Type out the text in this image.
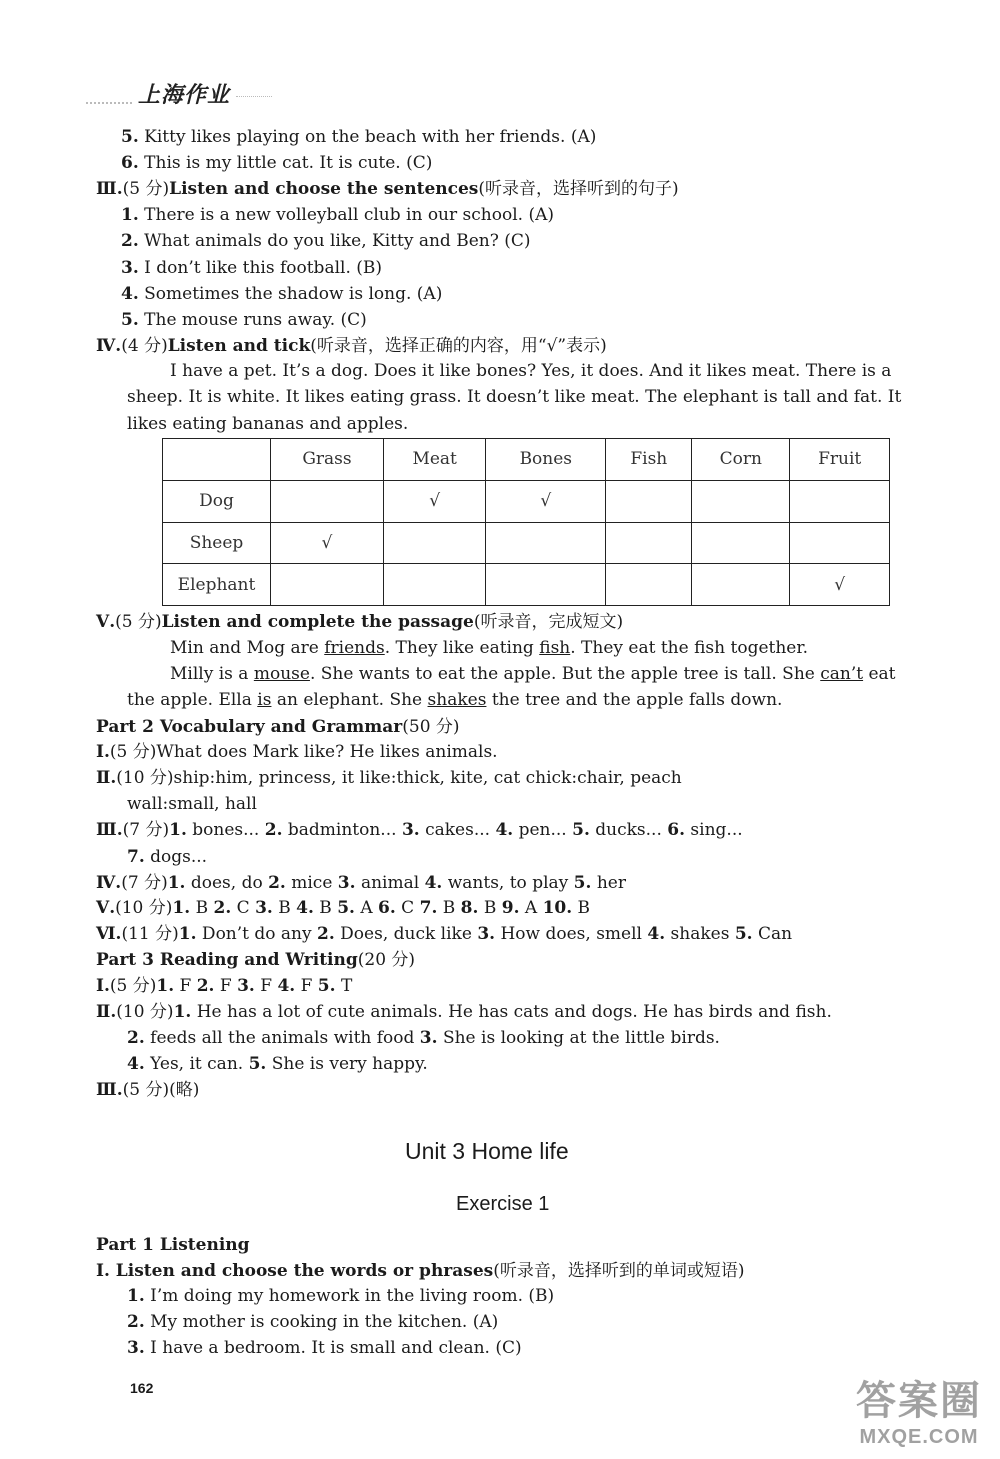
上海作业
5. Kitty likes playing on the beach with her friends. (A)
6. This is my little cat. It is cute. (C)
Ⅲ.(5 分)Listen and choose the sentences(听录音，选择听到的句子)
1. There is a new volleyball club in our school. (A)
2. What animals do you like, Kitty and Ben? (C)
3. I don’t like this football. (B)
4. Sometimes the shadow is long. (A)
5. The mouse runs away. (C)
Ⅳ.(4 分)Listen and tick(听录音，选择正确的内容，用“√”表示)
I have a pet. It’s a dog. Does it like bones? Yes, it does. And it likes meat. There is a
sheep. It is white. It likes eating grass. It doesn’t like meat. The elephant is tall and fat. It
likes eating bananas and apples.
	Grass	Meat	Bones	Fish	Corn	Fruit
Dog		√	√			
Sheep	√					
Elephant						√
Ⅴ.(5 分)Listen and complete the passage(听录音，完成短文)
Min and Mog are friends. They like eating fish. They eat the fish together.
Milly is a mouse. She wants to eat the apple. But the apple tree is tall. She can’t eat
the apple. Ella is an elephant. She shakes the tree and the apple falls down.
Part 2 Vocabulary and Grammar(50 分)
Ⅰ.(5 分)What does Mark like? He likes animals.
Ⅱ.(10 分)ship:him, princess, it like:thick, kite, cat chick:chair, peach
wall:small, hall
Ⅲ.(7 分)1. bones... 2. badminton... 3. cakes... 4. pen... 5. ducks... 6. sing...
7. dogs...
Ⅳ.(7 分)1. does, do 2. mice 3. animal 4. wants, to play 5. her
Ⅴ.(10 分)1. B 2. C 3. B 4. B 5. A 6. C 7. B 8. B 9. A 10. B
Ⅵ.(11 分)1. Don’t do any 2. Does, duck like 3. How does, smell 4. shakes 5. Can
Part 3 Reading and Writing(20 分)
Ⅰ.(5 分)1. F 2. F 3. F 4. F 5. T
Ⅱ.(10 分)1. He has a lot of cute animals. He has cats and dogs. He has birds and fish.
2. feeds all the animals with food 3. She is looking at the little birds.
4. Yes, it can. 5. She is very happy.
Ⅲ.(5 分)(略)
Unit 3 Home life
Exercise 1
Part 1 Listening
Ⅰ. Listen and choose the words or phrases(听录音，选择听到的单词或短语)
1. I’m doing my homework in the living room. (B)
2. My mother is cooking in the kitchen. (A)
3. I have a bedroom. It is small and clean. (C)
162	答案圈
MXQE.COM
